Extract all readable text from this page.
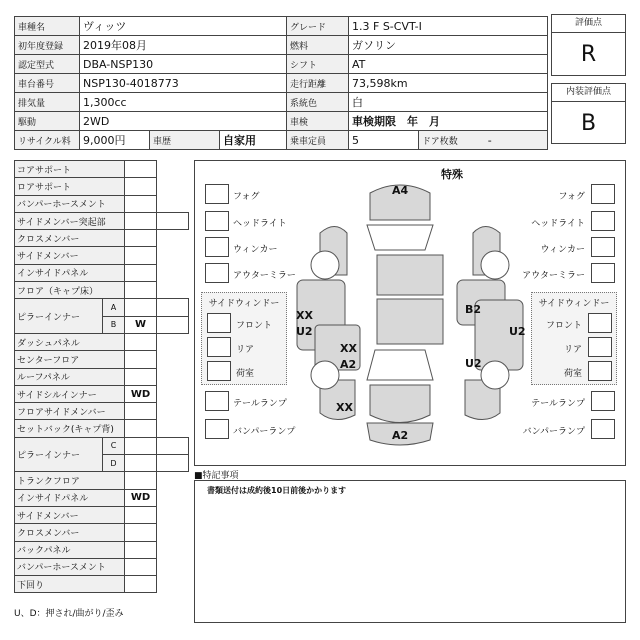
車種名	ヴィッツ			グレード	1.3 F S-CVT-I	
初年度登録	2019年08月			燃料	ガソリン	
認定型式	DBA-NSP130			シフト	AT	
車台番号	NSP130-4018773			走行距離	73,598km	
排気量	1,300cc			系統色	白	
駆動	2WD			車検	車検期限　年　月	
リサイクル料	9,000円	車歴	自家用	乗車定員	5	ドア枚数 -
評価点
R
内装評価点
B
コアサポート			
ロアサポート			
バンパーホースメント			
サイドメンバー突起部			
クロスメンバー			
サイドメンバー			
インサイドパネル			
フロア（キャプ床）			
ピラーインナー	A		
	B	W	
ダッシュパネル			
センターフロア			
ルーフパネル			
サイドシルインナー		WD	
フロアサイドメンバー			
セットバック(キャプ背)			
ピラーインナー	C		
	D		
トランクフロア			
インサイドパネル		WD	
サイドメンバー			
クロスメンバー			
バックパネル			
バンパーホースメント			
下回り			
U、D：押され/曲がり/歪み
特殊
A4
XX
U2
XX
A2
XX
A2
B2
U2
U2
フォグ
ヘッドライト
ウィンカー
アウターミラー
フォグ
ヘッドライト
ウィンカー
アウターミラー
サイドウィンドー
フロント
リア
荷室
サイドウィンドー
フロント
リア
荷室
テールランプ	テールランプ
バンパーランプ	バンパーランプ
■特記事項
書類送付は成約後10日前後かかります
